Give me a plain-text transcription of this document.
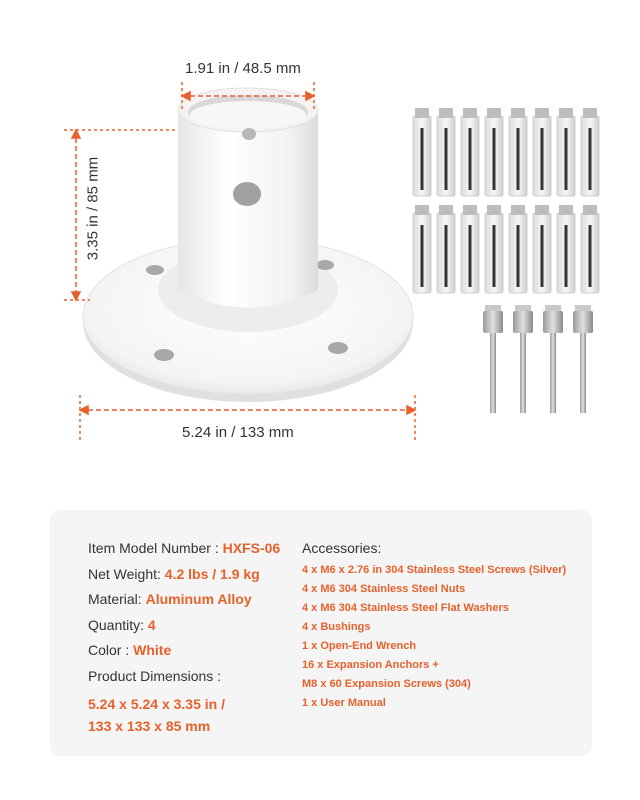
1.91 in / 48.5 mm
3.35 in / 85 mm
5.24 in / 133 mm
Item Model Number : HXFS-06
Net Weight: 4.2 lbs / 1.9 kg
Material: Aluminum Alloy
Quantity: 4
Color : White
Product Dimensions :
5.24 x 5.24 x 3.35 in /
133 x 133 x 85 mm
Accessories:
4 x M6 x 2.76 in 304 Stainless Steel Screws (Silver)
4 x M6 304 Stainless Steel Nuts
4 x M6 304 Stainless Steel Flat Washers
4 x Bushings
1 x Open-End Wrench
16 x Expansion Anchors +
M8 x 60 Expansion Screws (304)
1 x User Manual
